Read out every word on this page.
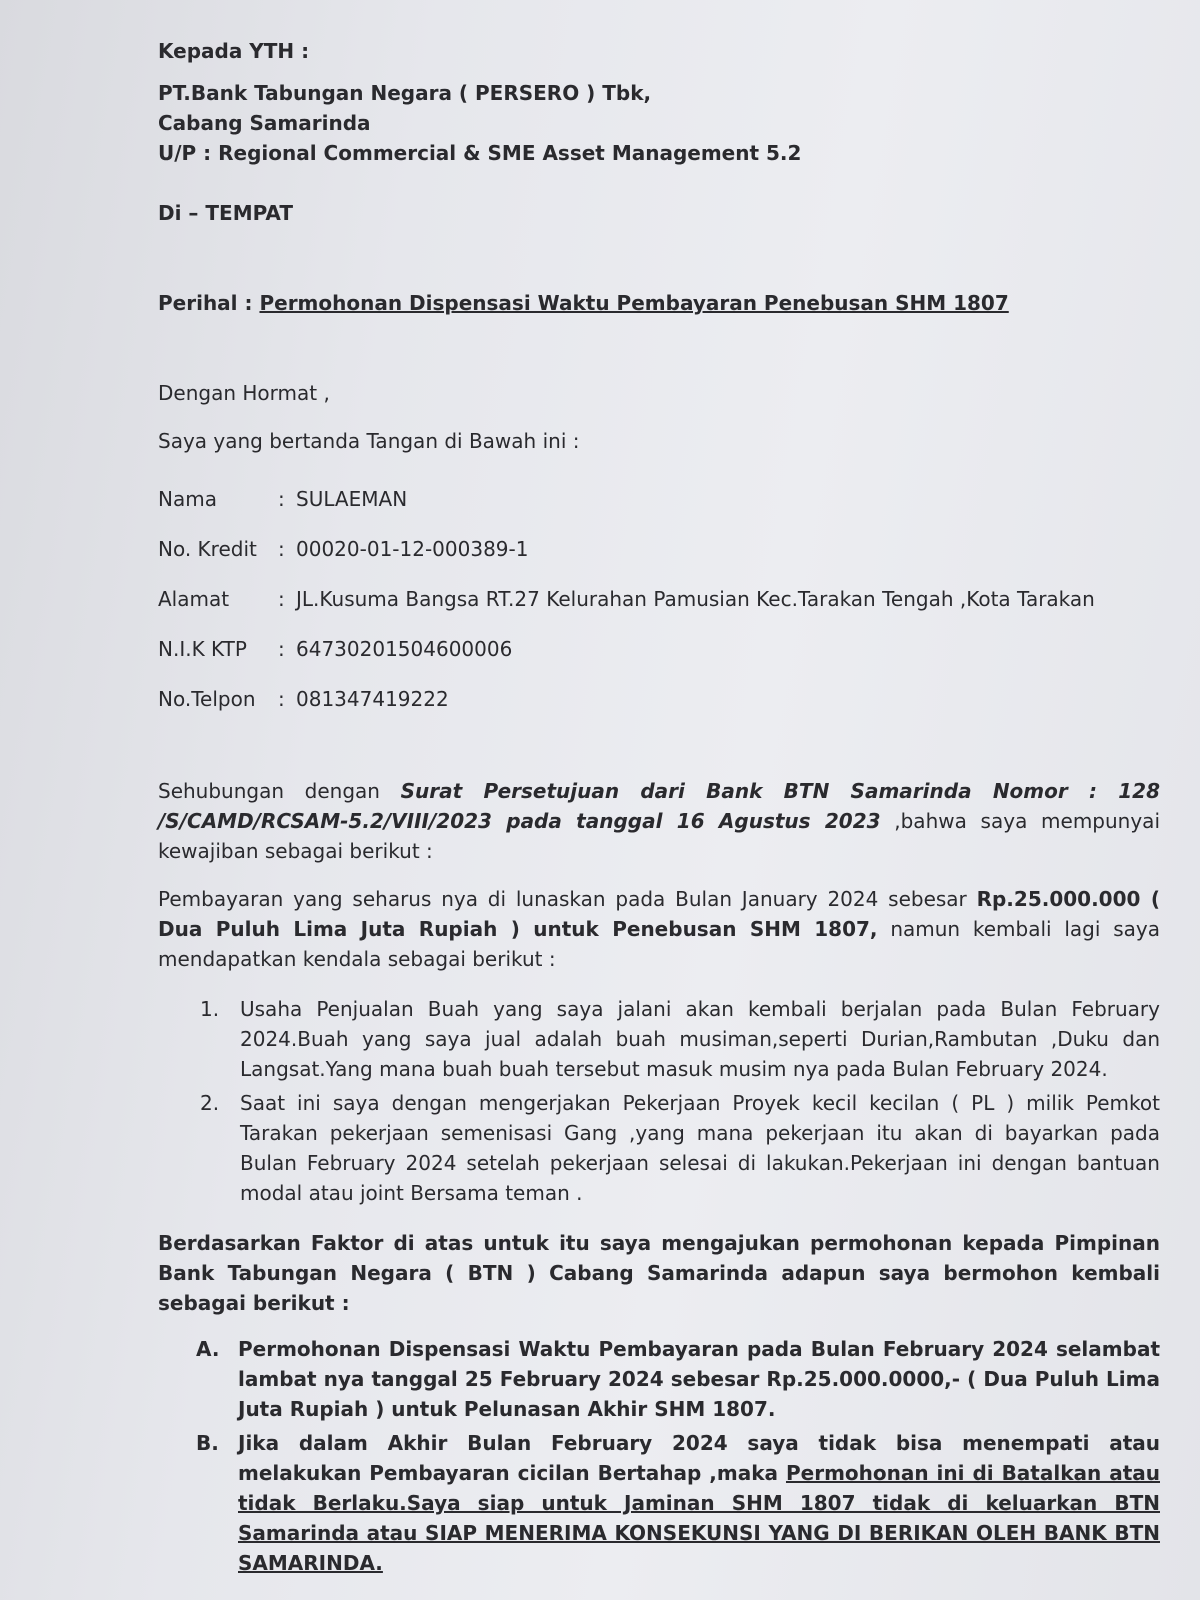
Kepada YTH :
PT.Bank Tabungan Negara ( PERSERO ) Tbk,
Cabang Samarinda
U/P : Regional Commercial & SME Asset Management 5.2
Di – TEMPAT
Perihal : Permohonan Dispensasi Waktu Pembayaran Penebusan SHM 1807

Dengan Hormat ,

Saya yang bertanda Tangan di Bawah ini :

Nama	: SULAEMAN
No. Kredit	: 00020-01-12-000389-1
Alamat	: JL.Kusuma Bangsa RT.27 Kelurahan Pamusian Kec.Tarakan Tengah ,Kota Tarakan
N.I.K KTP	: 64730201504600006
No.Telpon	: 081347419222

Sehubungan dengan Surat Persetujuan dari Bank BTN Samarinda Nomor : 128 /S/CAMD/RCSAM-5.2/VIII/2023 pada tanggal 16 Agustus 2023 ,bahwa saya mempunyai kewajiban sebagai berikut :

Pembayaran yang seharus nya di lunaskan pada Bulan January 2024 sebesar Rp.25.000.000 ( Dua Puluh Lima Juta Rupiah ) untuk Penebusan SHM 1807, namun kembali lagi saya mendapatkan kendala sebagai berikut :

1.	Usaha Penjualan Buah yang saya jalani akan kembali berjalan pada Bulan February 2024.Buah yang saya jual adalah buah musiman,seperti Durian,Rambutan ,Duku dan Langsat.Yang mana buah buah tersebut masuk musim nya pada Bulan February 2024.
2.	Saat ini saya dengan mengerjakan Pekerjaan Proyek kecil kecilan ( PL ) milik Pemkot Tarakan pekerjaan semenisasi Gang ,yang mana pekerjaan itu akan di bayarkan pada Bulan February 2024 setelah pekerjaan selesai di lakukan.Pekerjaan ini dengan bantuan modal atau joint Bersama teman .

Berdasarkan Faktor di atas untuk itu saya mengajukan permohonan kepada Pimpinan Bank Tabungan Negara ( BTN ) Cabang Samarinda adapun saya bermohon kembali sebagai berikut :

A. Permohonan Dispensasi Waktu Pembayaran pada Bulan February 2024 selambat lambat nya tanggal 25 February 2024 sebesar Rp.25.000.0000,- ( Dua Puluh Lima Juta Rupiah ) untuk Pelunasan Akhir SHM 1807.
B. Jika dalam Akhir Bulan February 2024 saya tidak bisa menempati atau melakukan Pembayaran cicilan Bertahap ,maka Permohonan ini di Batalkan atau tidak Berlaku.Saya siap untuk Jaminan SHM 1807 tidak di keluarkan BTN Samarinda atau SIAP MENERIMA KONSEKUNSI YANG DI BERIKAN OLEH BANK BTN SAMARINDA.
